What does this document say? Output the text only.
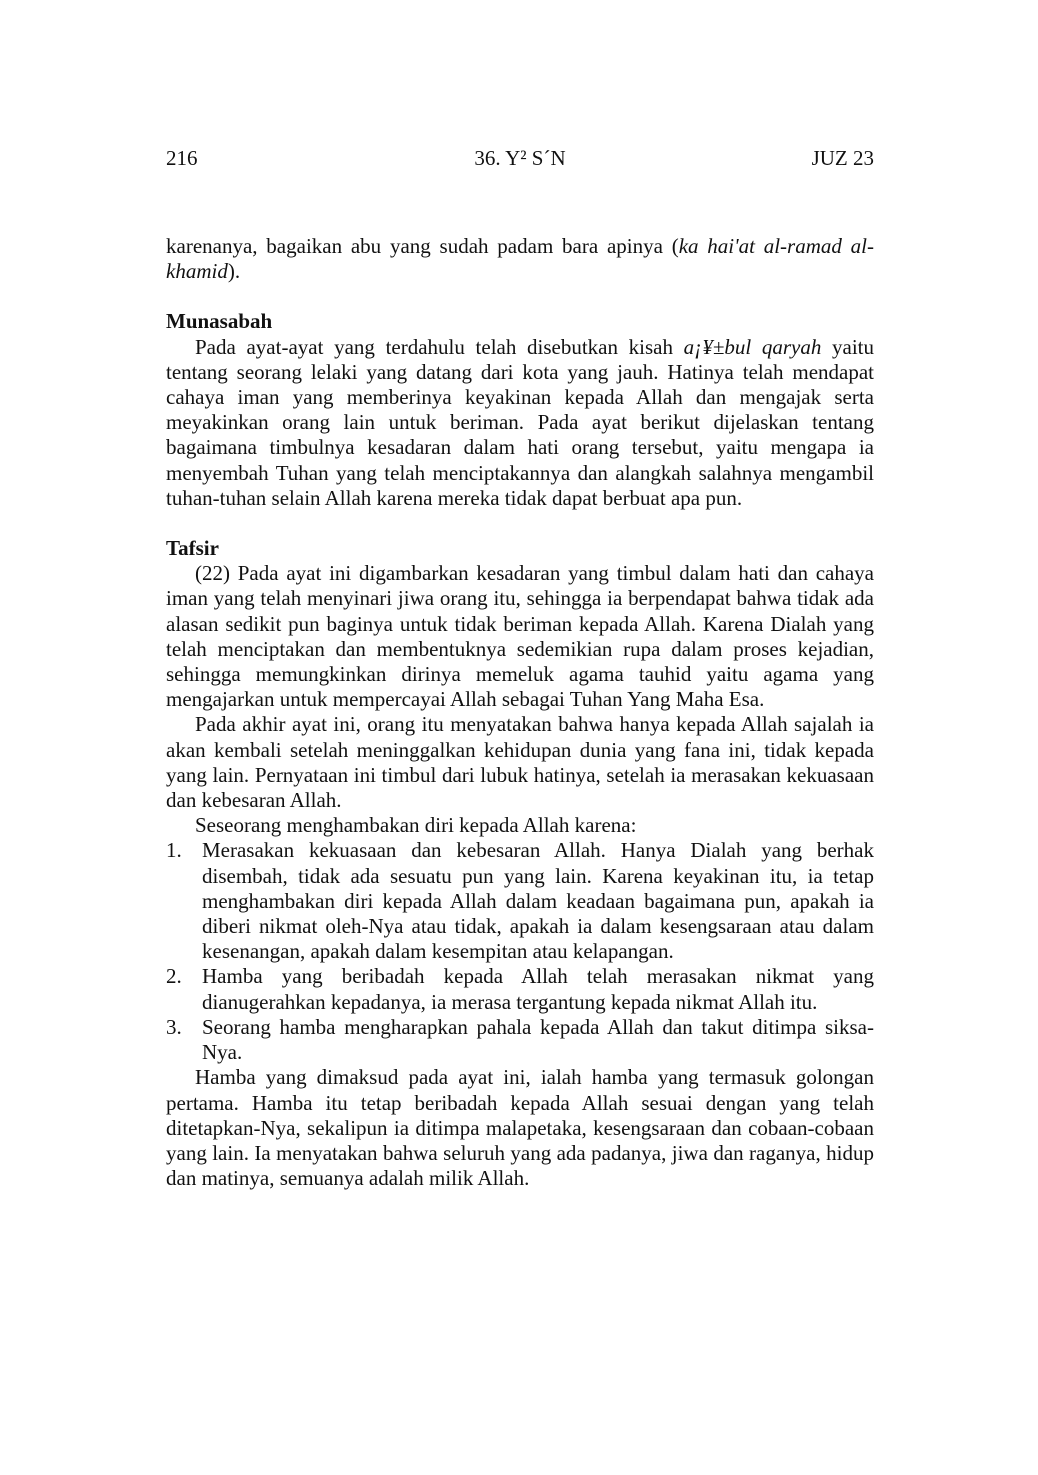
216	36. Y² S´N	JUZ 23

karenanya, bagaikan abu yang sudah padam bara apinya (ka hai'at al-ramad al-khamid).

Munasabah

Pada ayat-ayat yang terdahulu telah disebutkan kisah a¡¥±bul qaryah yaitu tentang seorang lelaki yang datang dari kota yang jauh. Hatinya telah mendapat cahaya iman yang memberinya keyakinan kepada Allah dan mengajak serta meyakinkan orang lain untuk beriman. Pada ayat berikut dijelaskan tentang bagaimana timbulnya kesadaran dalam hati orang tersebut, yaitu mengapa ia menyembah Tuhan yang telah menciptakannya dan alangkah salahnya mengambil tuhan-tuhan selain Allah karena mereka tidak dapat berbuat apa pun.

Tafsir

(22) Pada ayat ini digambarkan kesadaran yang timbul dalam hati dan cahaya iman yang telah menyinari jiwa orang itu, sehingga ia berpendapat bahwa tidak ada alasan sedikit pun baginya untuk tidak beriman kepada Allah. Karena Dialah yang telah menciptakan dan membentuknya sedemikian rupa dalam proses kejadian, sehingga memungkinkan dirinya memeluk agama tauhid yaitu agama yang mengajarkan untuk mempercayai Allah sebagai Tuhan Yang Maha Esa.

Pada akhir ayat ini, orang itu menyatakan bahwa hanya kepada Allah sajalah ia akan kembali setelah meninggalkan kehidupan dunia yang fana ini, tidak kepada yang lain. Pernyataan ini timbul dari lubuk hatinya, setelah ia merasakan kekuasaan dan kebesaran Allah.

Seseorang menghambakan diri kepada Allah karena:

1. Merasakan kekuasaan dan kebesaran Allah. Hanya Dialah yang berhak disembah, tidak ada sesuatu pun yang lain. Karena keyakinan itu, ia tetap menghambakan diri kepada Allah dalam keadaan bagaimana pun, apakah ia diberi nikmat oleh-Nya atau tidak, apakah ia dalam kesengsaraan atau dalam kesenangan, apakah dalam kesempitan atau kelapangan.
2. Hamba yang beribadah kepada Allah telah merasakan nikmat yang dianugerahkan kepadanya, ia merasa tergantung kepada nikmat Allah itu.
3. Seorang hamba mengharapkan pahala kepada Allah dan takut ditimpa siksa-Nya.

Hamba yang dimaksud pada ayat ini, ialah hamba yang termasuk golongan pertama. Hamba itu tetap beribadah kepada Allah sesuai dengan yang telah ditetapkan-Nya, sekalipun ia ditimpa malapetaka, kesengsaraan dan cobaan-cobaan yang lain. Ia menyatakan bahwa seluruh yang ada padanya, jiwa dan raganya, hidup dan matinya, semuanya adalah milik Allah.
